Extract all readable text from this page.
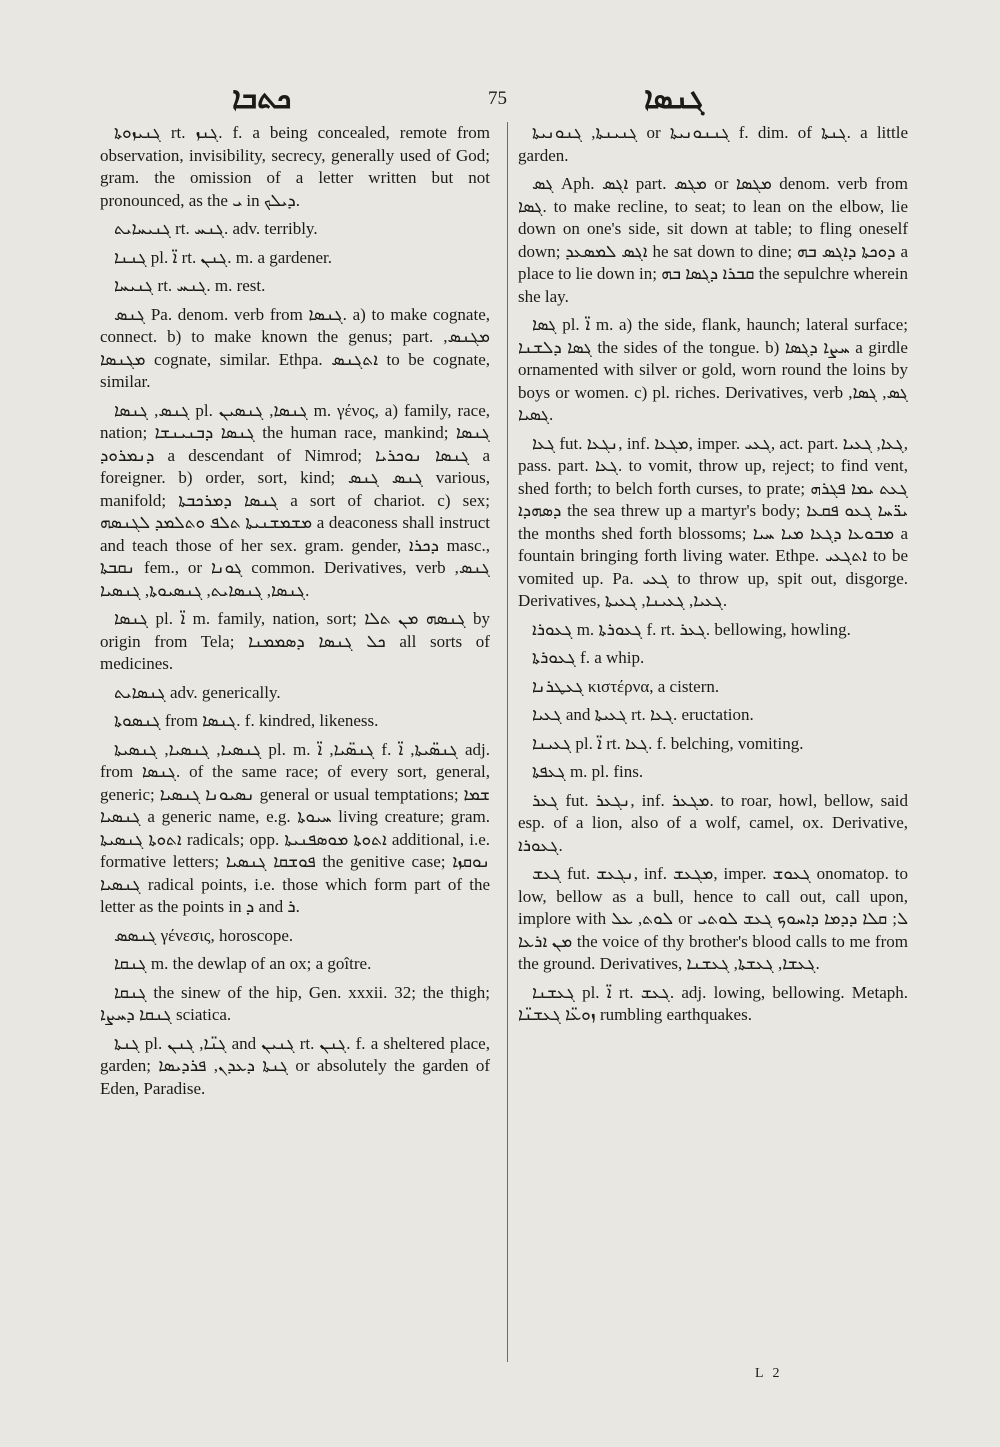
ܟܬܒܐ	75	ܓܢܣܐ

ܓܢܝܙܘܬܐ rt. ܓܢܙ. f. a being concealed, remote from observation, invisibility, secrecy, generally used of God; gram. the omission of a letter written but not pronounced, as the ܝ in ܕܝܠܟ.

ܓܢܝܚܐܝܬ rt. ܓܢܚ. adv. terribly.

ܓܢܢܐ pl. ܐ̈ rt. ܓܢܢ. m. a gardener.

ܓܢܝܚܐ rt. ܓܢܚ. m. rest.

ܓܢܣ Pa. denom. verb from ܓܢܣܐ. a) to make cognate, connect. b) to make known the genus; part. ܡܓܢܣ, ܡܓܢܣܐ cognate, similar. Ethpa. ܐܬܓܢܣ to be cognate, similar.

ܓܢܣ, ܓܢܣܐ pl. ܓܢܣܐ, ܓܢܣܝܢ m. γένος, a) family, race, nation; ܓܢܣܐ ܕܒܢܝܢܫܐ the human race, mankind; ܓܢܣܐ ܕܢܡܪܘܕ a descendant of Nimrod; ܓܢܣܐ ܢܘܟܪܝܐ a foreigner. b) order, sort, kind; ܓܢܣ ܓܢܣ various, manifold; ܓܢܣܐ ܕܡܪܟܒܬܐ a sort of chariot. c) sex; ܡܫܡܫܢܝܬܐ ܬܠܦ ܘܬܠܡܕ ܠܓܢܣܗ a deaconess shall instruct and teach those of her sex. gram. gender, ܕܟܪܐ masc., ܢܩܒܬܐ fem., or ܓܘܢܐ common. Derivatives, verb ܓܢܣ, ܓܢܣܐ, ܓܢܣܐܝܬ, ܓܢܣܝܘܬܐ, ܓܢܣܝܐ.

ܓܢܣܐ pl. ܐ̈ m. family, nation, sort; ܓܢܣܗ ܡܢ ܬܠܐ by origin from Tela; ܟܠ ܓܢܣܐ ܕܣܡܡܢܐ all sorts of medicines.

ܓܢܣܐܝܬ adv. generically.

ܓܢܣܘܬܐ from ܓܢܣܐ. f. kindred, likeness.

ܓܢܣܝܐ, ܓܢܣܝܐ, ܓܢܣܝܬܐ pl. m. ܓܢܣ̈ܝܐ, ܐ̈ f. ܓܢܣ̈ܝܬܐ, ܐ̈ adj. from ܓܢܣܐ. of the same race; of every sort, general, generic; ܢܣܝܘܢܐ ܓܢܣܝܐ general or usual temptations; ܫܡܐ ܓܢܣܝܐ a generic name, e.g. ܚܝܘܬܐ living creature; gram. ܐܬܘܬܐ ܓܢܣܝܬܐ radicals; opp. ܐܬܘܬܐ ܡܘܣܦܢܝܬܐ additional, i.e. formative letters; ܦܘܫܩܐ ܓܢܣܝܐ the genitive case; ܢܘܩܙܐ ܓܢܣܝܐ radical points, i.e. those which form part of the letter as the points in ܕ and ܪ.

ܓܢܣܣ γένεσις, horoscope.

ܓܢܩܐ m. the dewlap of an ox; a goître.

ܓܢܩܐ the sinew of the hip, Gen. xxxii. 32; the thigh; ܓܢܩܐ ܕܚܨܐ sciatica.

ܓܢܬܐ pl. ܓܢ̈ܐ, ܓܢܢ and ܓܢܝܢ rt. ܓܢܢ. f. a sheltered place, garden; ܓܢܬܐ ܕܥܕܢ, ܦܪܕܝܣܐ or absolutely the garden of Eden, Paradise.

ܓܢܝܢܬܐ, ܓܢܘܢܝܬܐ or ܓܢܢܘܢܝܬܐ f. dim. of ܓܢܬܐ. a little garden.

ܓܣ Aph. ܐܓܣ part. ܡܓܣ or ܡܓܣܐ denom. verb from ܓܣܐ. to make recline, to seat; to lean on the elbow, lie down on one's side, sit down at table; to fling oneself down; ܐܓܣ ܠܡܣܥܕ he sat down to dine; ܕܘܟܬܐ ܕܐܓܣ ܒܗ a place to lie down in; ܩܒܪܐ ܕܓܣܐ ܒܗ the sepulchre wherein she lay.

ܓܣܐ pl. ܐ̈ m. a) the side, flank, haunch; lateral surface; ܓܣܐ ܕܠܫܢܐ the sides of the tongue. b) ܚܨܐ ܕܓܣܐ a girdle ornamented with silver or gold, worn round the loins by boys or women. c) pl. riches. Derivatives, verb ܓܣ, ܓܣܐ, ܓܣܝܐ.

ܓܥܐ fut. ܢܓܥܐ, inf. ܡܓܥܐ, imper. ܓܥܝ, act. part. ܓܥܐ, ܓܥܝܐ, pass. part. ܓܥܐ. to vomit, throw up, reject; to find vent, shed forth; to belch forth curses, to prate; ܓܥܬ ܝܡܐ ܦܓܪܗ ܕܣܗܕܐ the sea threw up a martyr's body; ܝܪ̈ܚܐ ܓܥܘ ܦܩܥܐ the months shed forth blossoms; ܡܒܘܥܐ ܕܓܥܐ ܡܝܐ ܚܝܐ a fountain bringing forth living water. Ethpe. ܐܬܓܥܝ to be vomited up. Pa. ܓܥܝ to throw up, spit out, disgorge. Derivatives, ܓܥܝܐ, ܓܥܝܢܐ, ܓܥܝܬܐ.

ܓܥܘܪܐ m. ܓܥܘܪܬܐ f. rt. ܓܥܪ. bellowing, howling.

ܓܥܘܪܬܐ f. a whip.

ܓܥܛܪܢܐ κιστέρνα, a cistern.

ܓܥܝܐ and ܓܥܝܬܐ rt. ܓܥܐ. eructation.

ܓܥܝܢܐ pl. ܐ̈ rt. ܓܥܐ. f. belching, vomiting.

ܓܥܦܬܐ m. pl. fins.

ܓܥܪ fut. ܢܓܥܪ, inf. ܡܓܥܪ. to roar, howl, bellow, said esp. of a lion, also of a wolf, camel, ox. Derivative, ܓܥܘܪܐ.

ܓܥܫ fut. ܢܓܥܫ, inf. ܡܓܥܫ, imper. ܓܥܘܫ onomatop. to low, bellow as a bull, hence to call out, call upon, implore with ܠܘܬ, ܥܠ or ܠ; ܩܠܐ ܕܕܡܐ ܕܐܚܘܟ ܓܥܫ ܠܘܬܝ ܡܢ ܐܪܥܐ the voice of thy brother's blood calls to me from the ground. Derivatives, ܓܥܫܐ, ܓܥܫܬܐ, ܓܥܫܢܐ.

ܓܥܫܢܐ pl. ܐ̈ rt. ܓܥܫ. adj. lowing, bellowing. Metaph. ܙܘܥ̈ܐ ܓܥܫܢ̈ܐ rumbling earthquakes.

L 2
